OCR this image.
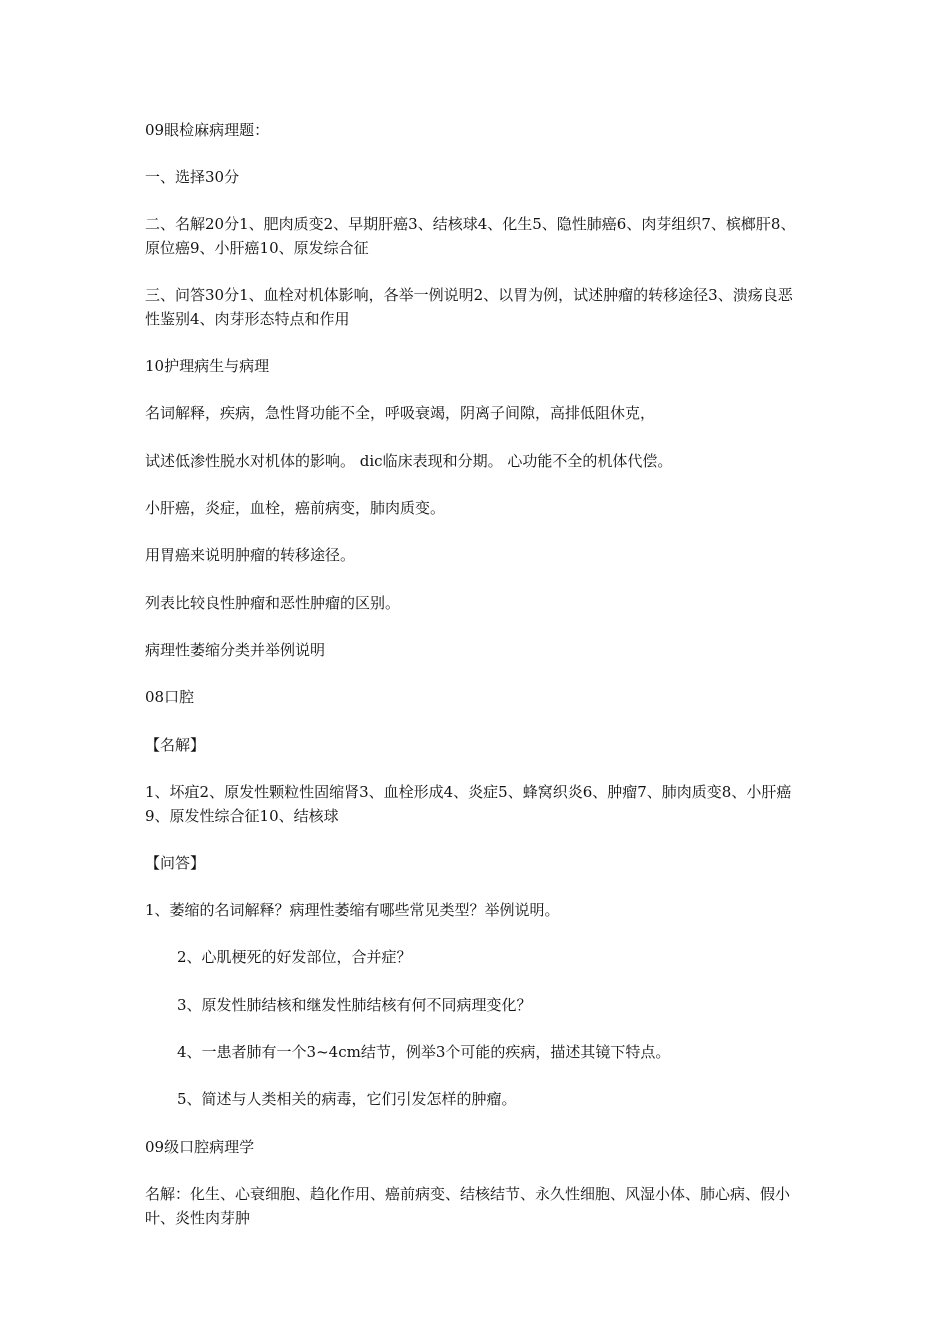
09眼检麻病理题：
一、选择30分
二、名解20分1、肥肉质变2、早期肝癌3、结核球4、化生5、隐性肺癌6、肉芽组织7、槟榔肝8、原位癌9、小肝癌10、原发综合征
三、问答30分1、血栓对机体影响，各举一例说明2、以胃为例，试述肿瘤的转移途径3、溃疡良恶性鉴别4、肉芽形态特点和作用
10护理病生与病理
名词解释，疾病，急性肾功能不全，呼吸衰竭，阴离子间隙，高排低阻休克，
试述低渗性脱水对机体的影响。 dic临床表现和分期。 心功能不全的机体代偿。
小肝癌，炎症，血栓，癌前病变，肺肉质变。
用胃癌来说明肿瘤的转移途径。
列表比较良性肿瘤和恶性肿瘤的区别。
病理性萎缩分类并举例说明
08口腔
【名解】
1、坏疽2、原发性颗粒性固缩肾3、血栓形成4、炎症5、蜂窝织炎6、肿瘤7、肺肉质变8、小肝癌9、原发性综合征10、结核球
【问答】
1、萎缩的名词解释？病理性萎缩有哪些常见类型？举例说明。
2、心肌梗死的好发部位，合并症？
3、原发性肺结核和继发性肺结核有何不同病理变化？
4、一患者肺有一个3~4cm结节，例举3个可能的疾病，描述其镜下特点。
5、简述与人类相关的病毒，它们引发怎样的肿瘤。
09级口腔病理学
名解：化生、心衰细胞、趋化作用、癌前病变、结核结节、永久性细胞、风湿小体、肺心病、假小叶、炎性肉芽肿
